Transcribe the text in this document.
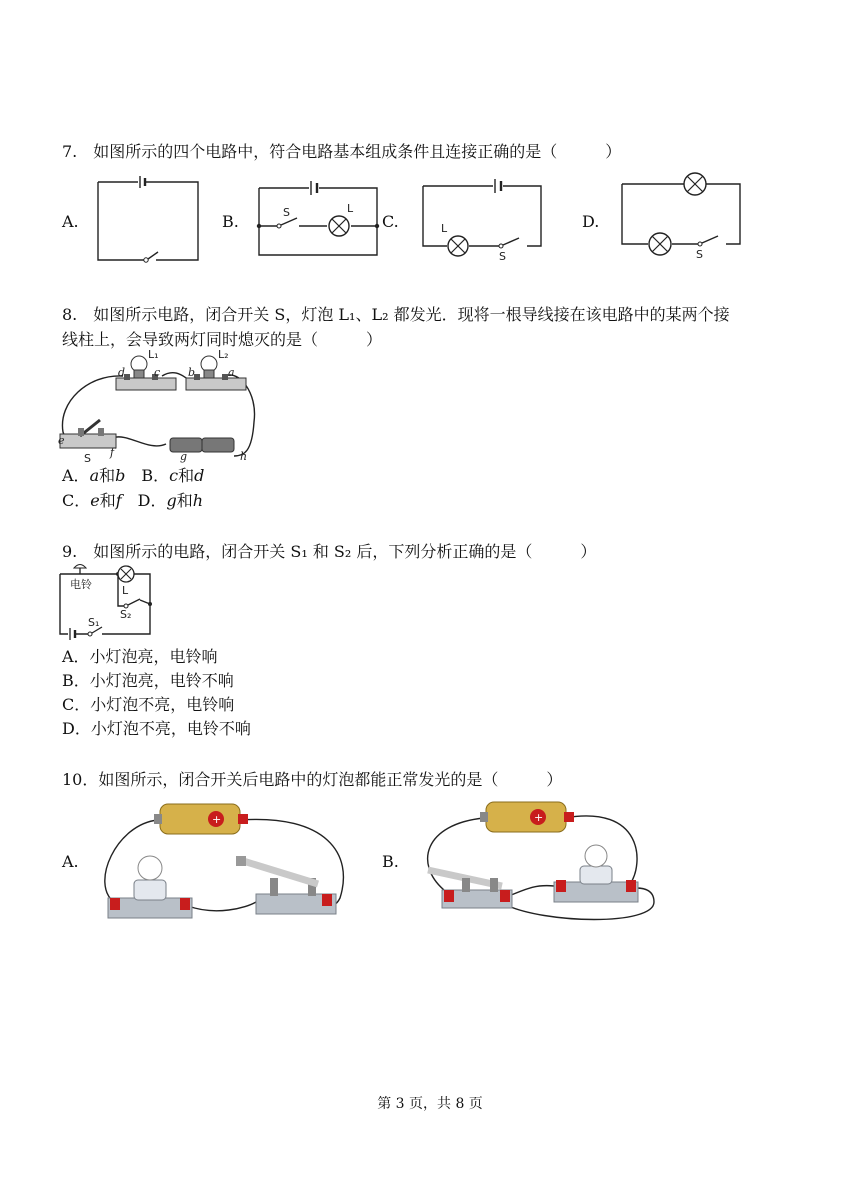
7.　如图所示的四个电路中，符合电路基本组成条件且连接正确的是（　　　）
A.	B.	S	L
C.	L
S
D.
S
8.　如图所示电路，闭合开关 S，灯泡 L₁、L₂ 都发光．现将一根导线接在该电路中的某两个接
线柱上，会导致两灯同时熄灭的是（　　　）
L₁	L₂
d	c	b	a
e
f
S	g	h
A．a和b　 B．c和d
C．e和f　 D．g和h
9.　如图所示的电路，闭合开关 S₁ 和 S₂ 后，下列分析正确的是（　　　）
电铃	L
S₂
S₁
A．小灯泡亮，电铃响
B．小灯泡亮，电铃不响
C．小灯泡不亮，电铃响
D．小灯泡不亮，电铃不响
10．如图所示，闭合开关后电路中的灯泡都能正常发光的是（　　　）
A.
+
B.
+
第 3 页，共 8 页
